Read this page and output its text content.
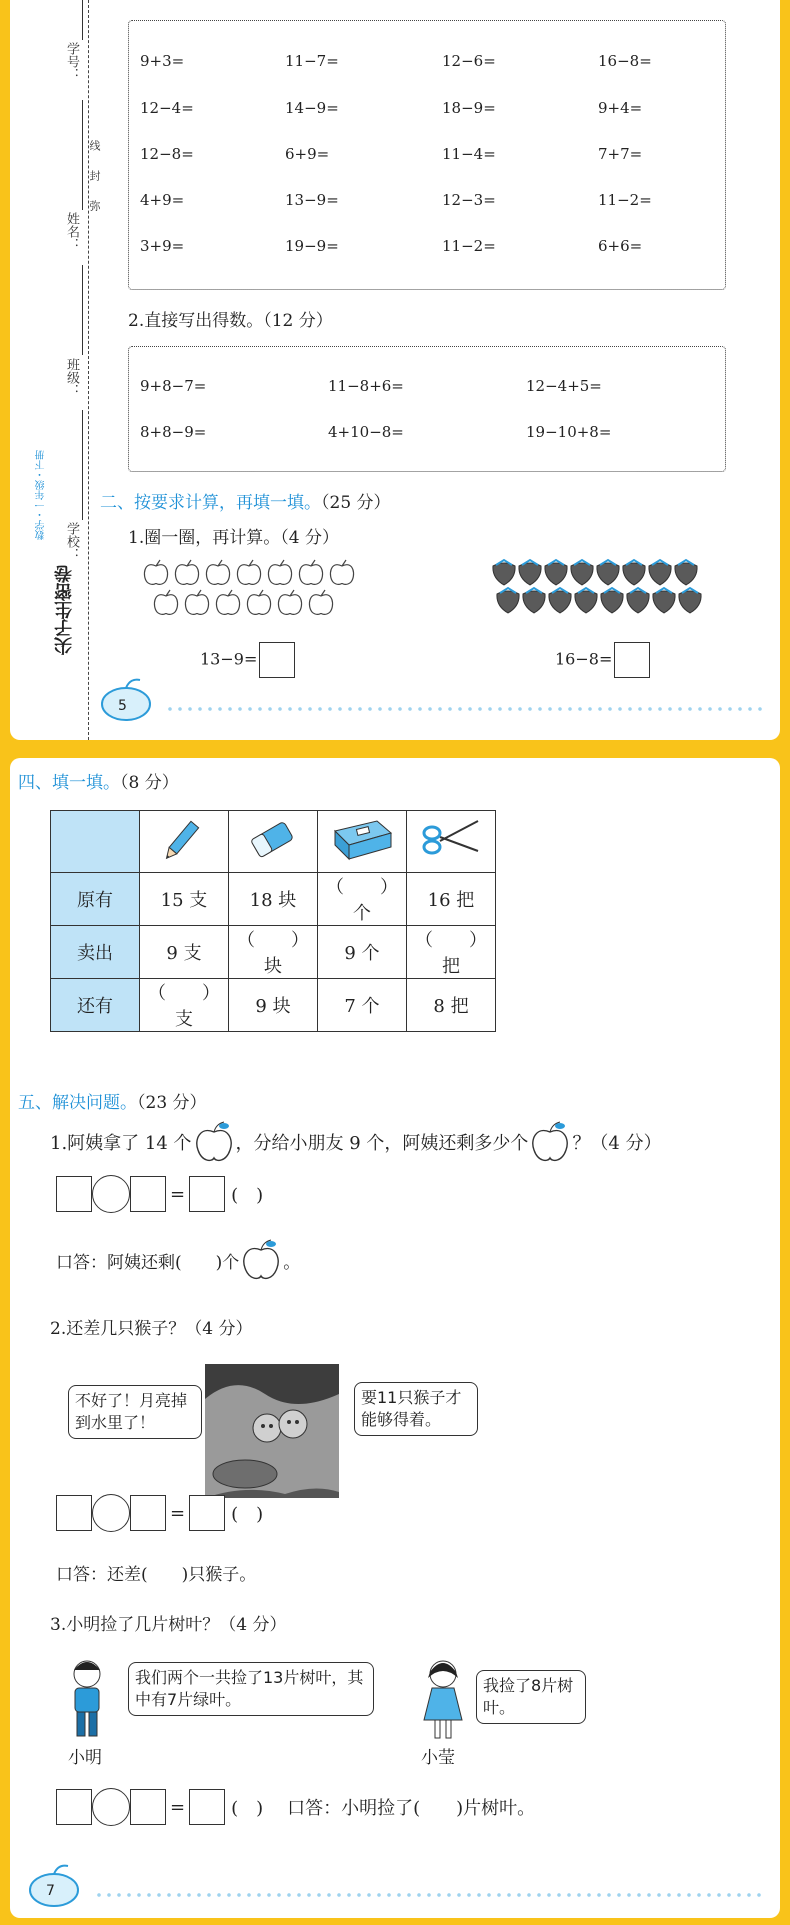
学号：
姓名：
班级：
学校：
线
封
弥
数学・一年级・下册
尖子生密卷
9+3=	11−7=	12−6=	16−8=
12−4=	14−9=	18−9=	9+4=
12−8=	6+9=	11−4=	7+7=
4+9=	13−9=	12−3=	11−2=
3+9=	19−9=	11−2=	6+6=
2.直接写出得数。（12 分）
9+8−7=	11−8+6=	12−4+5=
8+8−9=	4+10−8=	19−10+8=
二、按要求计算，再填一填。（25 分）
1.圈一圈，再计算。（4 分）
13−9=	16−8=
5
四、填一填。（8 分）

原有	15 支	18 块	（　　）个	16 把
卖出	9 支	（　　）块	9 个	（　　）把
还有	（　　）支	9 块	7 个	8 把
五、解决问题。（23 分）
1.阿姨拿了 14 个 ，分给小朋友 9 个，阿姨还剩多少个 ？（4 分）
=	(　)
口答：阿姨还剩(　　)个	。
2.还差几只猴子？（4 分）
不好了！月亮掉到水里了！
要11只猴子才能够得着。
=	(　)
口答：还差(　　)只猴子。
3.小明捡了几片树叶？（4 分）
我们两个一共捡了13片树叶，其中有7片绿叶。
小明
我捡了8片树叶。
小莹
=	(　) 口答：小明捡了(　　)片树叶。
7
